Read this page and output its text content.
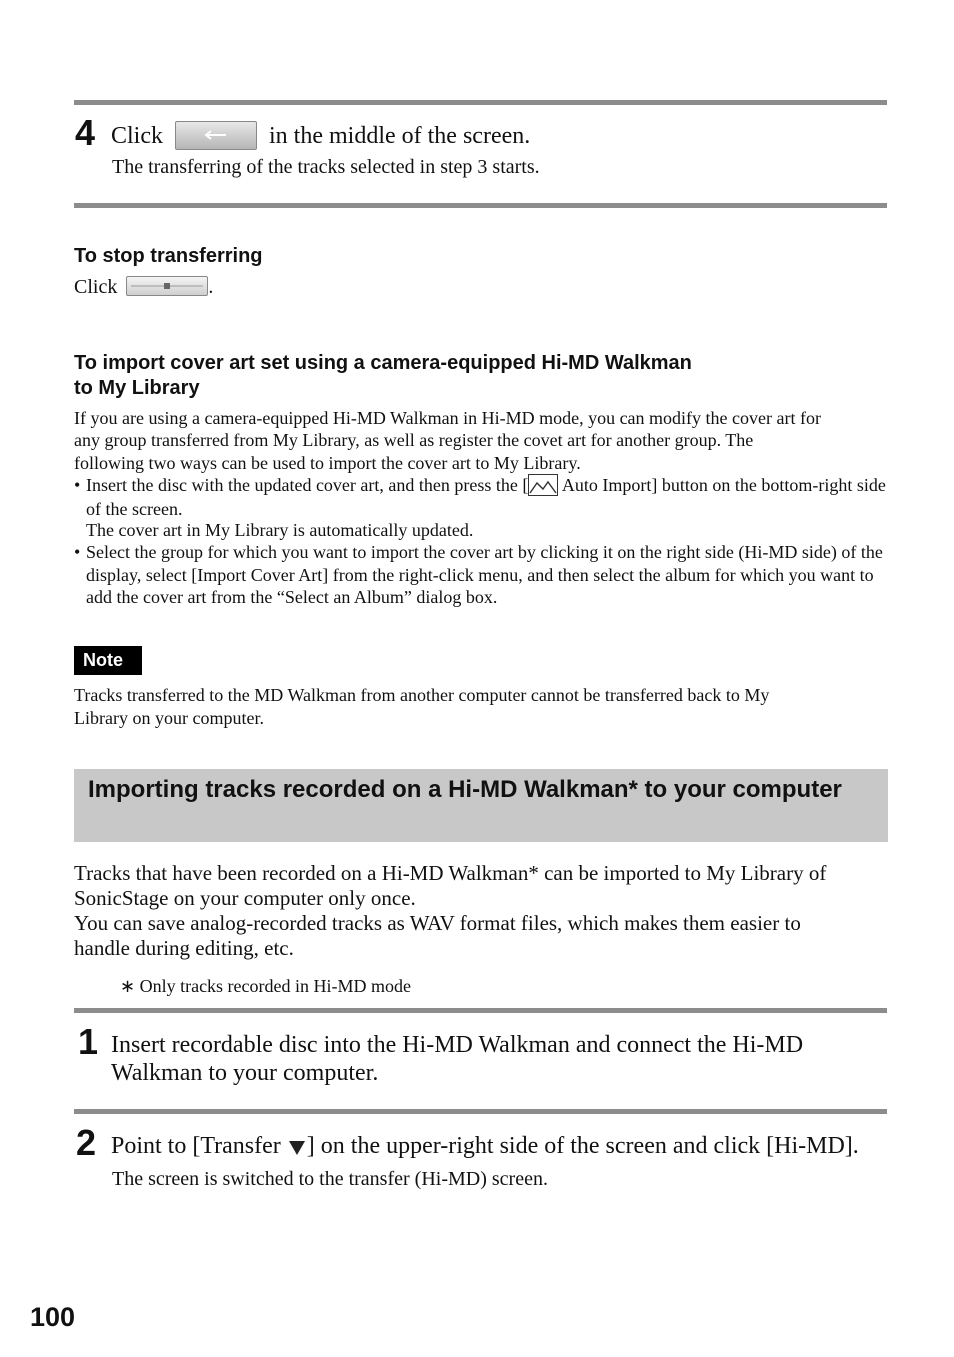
4 Click	in the middle of the screen.
The transferring of the tracks selected in step 3 starts.
To stop transferring
Click	.
To import cover art set using a camera-equipped Hi-MD Walkman
to My Library
If you are using a camera-equipped Hi-MD Walkman in Hi-MD mode, you can modify the cover art for
any group transferred from My Library, as well as register the covet art for another group. The
following two ways can be used to import the cover art to My Library.
• Insert the disc with the updated cover art, and then press the [
Auto Import] button on the bottom-right side of the screen.
The cover art in My Library is automatically updated.
• Select the group for which you want to import the cover art by clicking it on the right side (Hi-MD side) of the display, select [Import Cover Art] from the right-click menu, and then select the album for which you want to add the cover art from the “Select an Album” dialog box.
Note
Tracks transferred to the MD Walkman from another computer cannot be transferred back to My
Library on your computer.
Importing tracks recorded on a Hi-MD Walkman* to your computer
Tracks that have been recorded on a Hi-MD Walkman* can be imported to My Library of
SonicStage on your computer only once.
You can save analog-recorded tracks as WAV format files, which makes them easier to
handle during editing, etc.
∗ Only tracks recorded in Hi-MD mode
1 Insert recordable disc into the Hi-MD Walkman and connect the Hi-MD
Walkman to your computer.
2 Point to [Transfer
] on the upper-right side of the screen and click [Hi-MD].
The screen is switched to the transfer (Hi-MD) screen.
100
